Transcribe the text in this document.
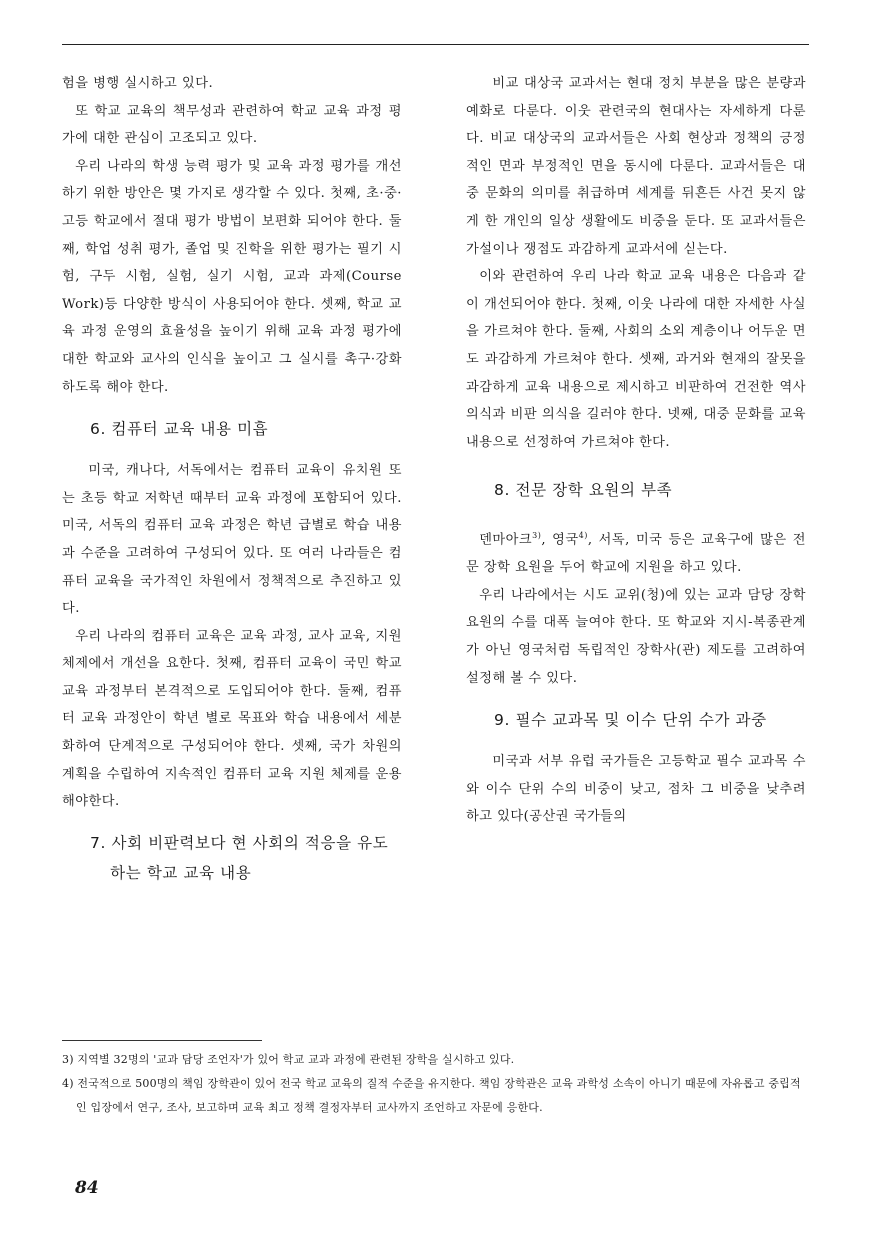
험을 병행 실시하고 있다.

또 학교 교육의 책무성과 관련하여 학교 교육 과정 평가에 대한 관심이 고조되고 있다.

우리 나라의 학생 능력 평가 및 교육 과정 평가를 개선하기 위한 방안은 몇 가지로 생각할 수 있다. 첫째, 초·중·고등 학교에서 절대 평가 방법이 보편화 되어야 한다. 둘째, 학업 성취 평가, 졸업 및 진학을 위한 평가는 필기 시험, 구두 시험, 실험, 실기 시험, 교과 과제(Course Work)등 다양한 방식이 사용되어야 한다. 셋째, 학교 교육 과정 운영의 효율성을 높이기 위해 교육 과정 평가에 대한 학교와 교사의 인식을 높이고 그 실시를 촉구·강화하도록 해야 한다.

6. 컴퓨터 교육 내용 미흡

미국, 캐나다, 서독에서는 컴퓨터 교육이 유치원 또는 초등 학교 저학년 때부터 교육 과정에 포함되어 있다. 미국, 서독의 컴퓨터 교육 과정은 학년 급별로 학습 내용과 수준을 고려하여 구성되어 있다. 또 여러 나라들은 컴퓨터 교육을 국가적인 차원에서 정책적으로 추진하고 있다.

우리 나라의 컴퓨터 교육은 교육 과정, 교사 교육, 지원 체제에서 개선을 요한다. 첫째, 컴퓨터 교육이 국민 학교 교육 과정부터 본격적으로 도입되어야 한다. 둘째, 컴퓨터 교육 과정안이 학년 별로 목표와 학습 내용에서 세분화하여 단계적으로 구성되어야 한다. 셋째, 국가 차원의 계획을 수립하여 지속적인 컴퓨터 교육 지원 체제를 운용해야한다.

7. 사회 비판력보다 현 사회의 적응을 유도하는 학교 교육 내용

비교 대상국 교과서는 현대 정치 부분을 많은 분량과 예화로 다룬다. 이웃 관련국의 현대사는 자세하게 다룬다. 비교 대상국의 교과서들은 사회 현상과 정책의 긍정적인 면과 부정적인 면을 동시에 다룬다. 교과서들은 대중 문화의 의미를 취급하며 세계를 뒤흔든 사건 못지 않게 한 개인의 일상 생활에도 비중을 둔다. 또 교과서들은 가설이나 쟁점도 과감하게 교과서에 싣는다.

이와 관련하여 우리 나라 학교 교육 내용은 다음과 같이 개선되어야 한다. 첫째, 이웃 나라에 대한 자세한 사실을 가르쳐야 한다. 둘째, 사회의 소외 계층이나 어두운 면도 과감하게 가르쳐야 한다. 셋째, 과거와 현재의 잘못을 과감하게 교육 내용으로 제시하고 비판하여 건전한 역사 의식과 비판 의식을 길러야 한다. 넷째, 대중 문화를 교육 내용으로 선정하여 가르쳐야 한다.

8. 전문 장학 요원의 부족

덴마아크$^{3)}$, 영국$^{4)}$, 서독, 미국 등은 교육구에 많은 전문 장학 요원을 두어 학교에 지원을 하고 있다.

우리 나라에서는 시도 교위(청)에 있는 교과 담당 장학 요원의 수를 대폭 늘여야 한다. 또 학교와 지시-복종관계가 아닌 영국처럼 독립적인 장학사(관) 제도를 고려하여 설정해 볼 수 있다.

9. 필수 교과목 및 이수 단위 수가 과중

미국과 서부 유럽 국가들은 고등학교 필수 교과목 수와 이수 단위 수의 비중이 낮고, 점차 그 비중을 낮추려 하고 있다(공산권 국가들의

3) 지역별 32명의 '교과 담당 조언자'가 있어 학교 교과 과정에 관련된 장학을 실시하고 있다.

4) 전국적으로 500명의 책임 장학관이 있어 전국 학교 교육의 질적 수준을 유지한다. 책임 장학관은 교육 과학성 소속이 아니기 때문에 자유롭고 중립적인 입장에서 연구, 조사, 보고하며 교육 최고 정책 결정자부터 교사까지 조언하고 자문에 응한다.

84
